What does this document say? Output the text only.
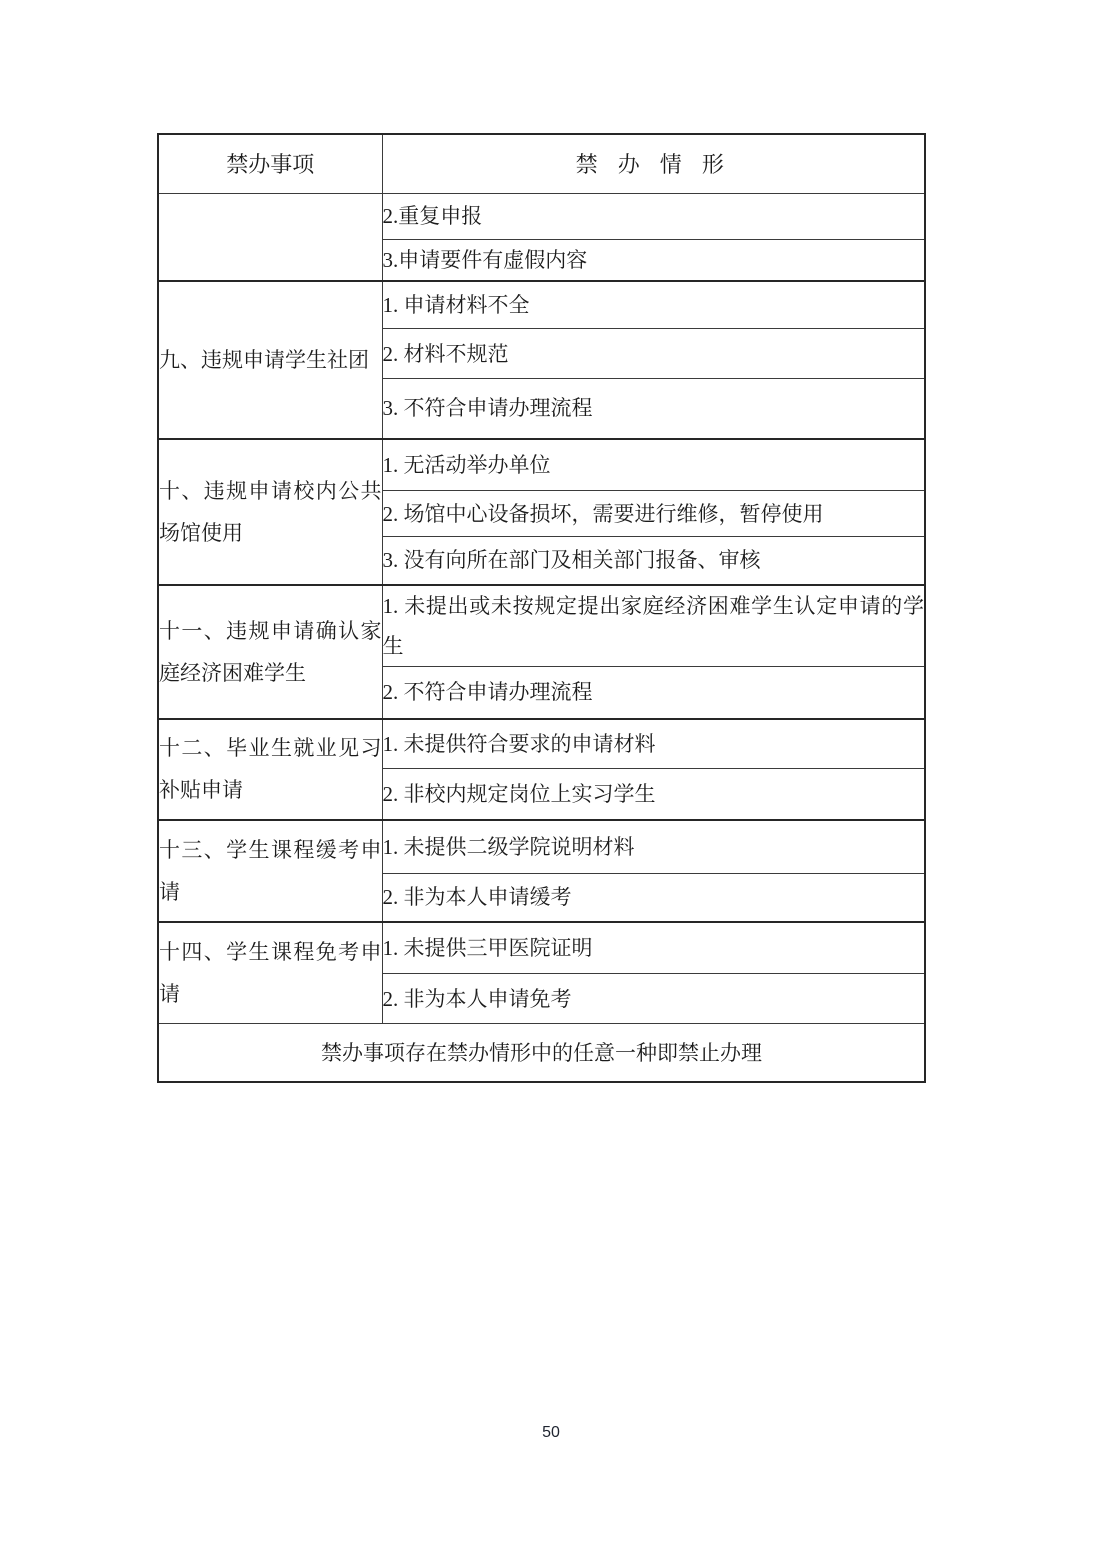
禁办事项	禁 办 情 形
	2.重复申报
	3.申请要件有虚假内容
九、违规申请学生社团	1. 申请材料不全
	2. 材料不规范
	3. 不符合申请办理流程
十、违规申请校内公共场馆使用	1. 无活动举办单位
	2. 场馆中心设备损坏，需要进行维修，暂停使用
	3. 没有向所在部门及相关部门报备、审核
十一、违规申请确认家庭经济困难学生	1. 未提出或未按规定提出家庭经济困难学生认定申请的学生
	2. 不符合申请办理流程
十二、毕业生就业见习补贴申请	1. 未提供符合要求的申请材料
	2. 非校内规定岗位上实习学生
十三、学生课程缓考申请	1. 未提供二级学院说明材料
	2. 非为本人申请缓考
十四、学生课程免考申请	1. 未提供三甲医院证明
	2. 非为本人申请免考
禁办事项存在禁办情形中的任意一种即禁止办理	
50
